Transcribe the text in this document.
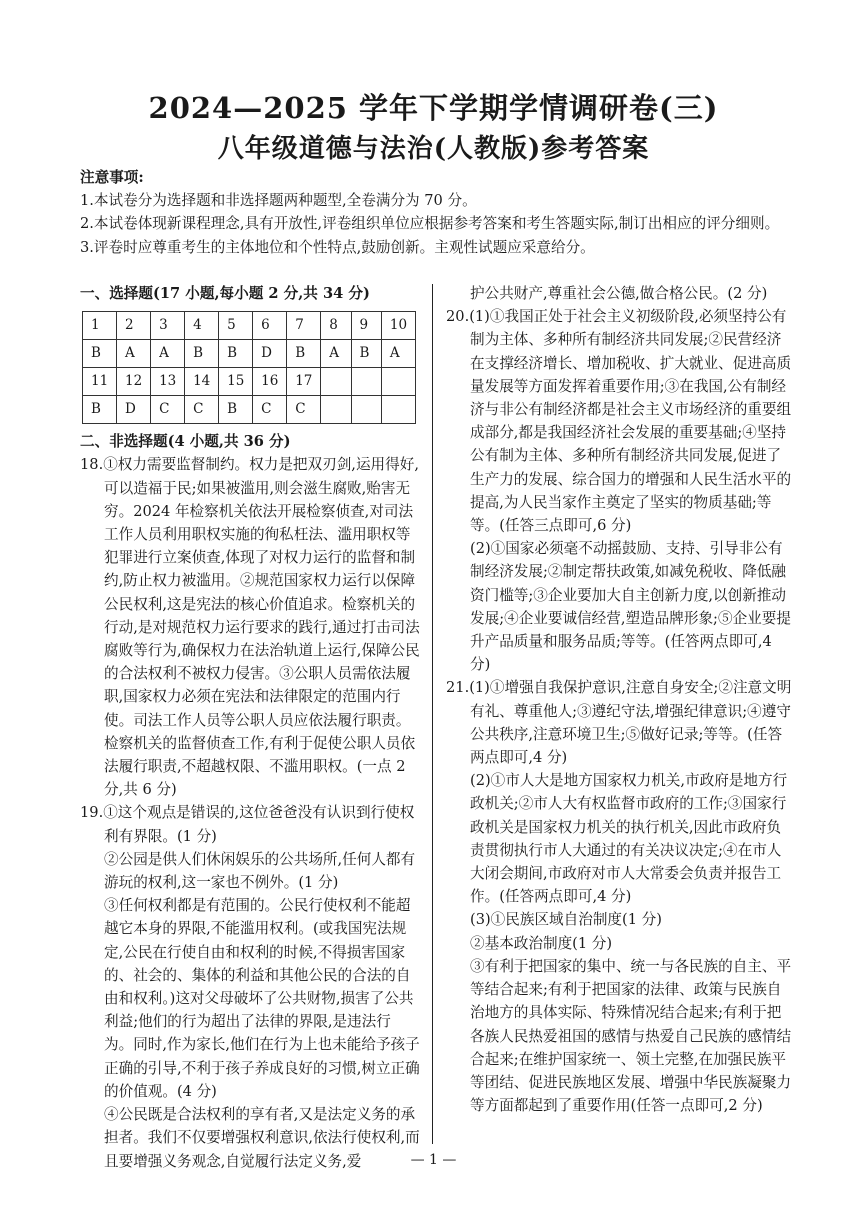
2024—2025 学年下学期学情调研卷(三)
八年级道德与法治(人教版)参考答案
注意事项:
1.本试卷分为选择题和非选择题两种题型,全卷满分为 70 分。
2.本试卷体现新课程理念,具有开放性,评卷组织单位应根据参考答案和考生答题实际,制订出相应的评分细则。
3.评卷时应尊重考生的主体地位和个性特点,鼓励创新。主观性试题应采意给分。
一、选择题(17 小题,每小题 2 分,共 34 分)
1	2	3	4	5	6	7	8	9	10
B	A	A	B	B	D	B	A	B	A
11	12	13	14	15	16	17			
B	D	C	C	B	C	C			
二、非选择题(4 小题,共 36 分)
18.①权力需要监督制约。权力是把双刃剑,运用得好,可以造福于民;如果被滥用,则会滋生腐败,贻害无穷。2024 年检察机关依法开展检察侦查,对司法工作人员利用职权实施的徇私枉法、滥用职权等犯罪进行立案侦查,体现了对权力运行的监督和制约,防止权力被滥用。②规范国家权力运行以保障公民权利,这是宪法的核心价值追求。检察机关的行动,是对规范权力运行要求的践行,通过打击司法腐败等行为,确保权力在法治轨道上运行,保障公民的合法权利不被权力侵害。③公职人员需依法履职,国家权力必须在宪法和法律限定的范围内行使。司法工作人员等公职人员应依法履行职责。检察机关的监督侦查工作,有利于促使公职人员依法履行职责,不超越权限、不滥用职权。(一点 2 分,共 6 分)
19.①这个观点是错误的,这位爸爸没有认识到行使权利有界限。(1 分)
②公园是供人们休闲娱乐的公共场所,任何人都有游玩的权利,这一家也不例外。(1 分)
③任何权利都是有范围的。公民行使权利不能超越它本身的界限,不能滥用权利。(或我国宪法规定,公民在行使自由和权利的时候,不得损害国家的、社会的、集体的利益和其他公民的合法的自由和权利。)这对父母破坏了公共财物,损害了公共利益;他们的行为超出了法律的界限,是违法行为。同时,作为家长,他们在行为上也未能给予孩子正确的引导,不利于孩子养成良好的习惯,树立正确的价值观。(4 分)
④公民既是合法权利的享有者,又是法定义务的承担者。我们不仅要增强权利意识,依法行使权利,而且要增强义务观念,自觉履行法定义务,爱
护公共财产,尊重社会公德,做合格公民。(2 分)
20.(1)①我国正处于社会主义初级阶段,必须坚持公有制为主体、多种所有制经济共同发展;②民营经济在支撑经济增长、增加税收、扩大就业、促进高质量发展等方面发挥着重要作用;③在我国,公有制经济与非公有制经济都是社会主义市场经济的重要组成部分,都是我国经济社会发展的重要基础;④坚持公有制为主体、多种所有制经济共同发展,促进了生产力的发展、综合国力的增强和人民生活水平的提高,为人民当家作主奠定了坚实的物质基础;等等。(任答三点即可,6 分)
(2)①国家必须毫不动摇鼓励、支持、引导非公有制经济发展;②制定帮扶政策,如减免税收、降低融资门槛等;③企业要加大自主创新力度,以创新推动发展;④企业要诚信经营,塑造品牌形象;⑤企业要提升产品质量和服务品质;等等。(任答两点即可,4 分)
21.(1)①增强自我保护意识,注意自身安全;②注意文明有礼、尊重他人;③遵纪守法,增强纪律意识;④遵守公共秩序,注意环境卫生;⑤做好记录;等等。(任答两点即可,4 分)
(2)①市人大是地方国家权力机关,市政府是地方行政机关;②市人大有权监督市政府的工作;③国家行政机关是国家权力机关的执行机关,因此市政府负责贯彻执行市人大通过的有关决议决定;④在市人大闭会期间,市政府对市人大常委会负责并报告工作。(任答两点即可,4 分)
(3)①民族区域自治制度(1 分)
②基本政治制度(1 分)
③有利于把国家的集中、统一与各民族的自主、平等结合起来;有利于把国家的法律、政策与民族自治地方的具体实际、特殊情况结合起来;有利于把各族人民热爱祖国的感情与热爱自己民族的感情结合起来;在维护国家统一、领土完整,在加强民族平等团结、促进民族地区发展、增强中华民族凝聚力等方面都起到了重要作用(任答一点即可,2 分)
— 1 —
